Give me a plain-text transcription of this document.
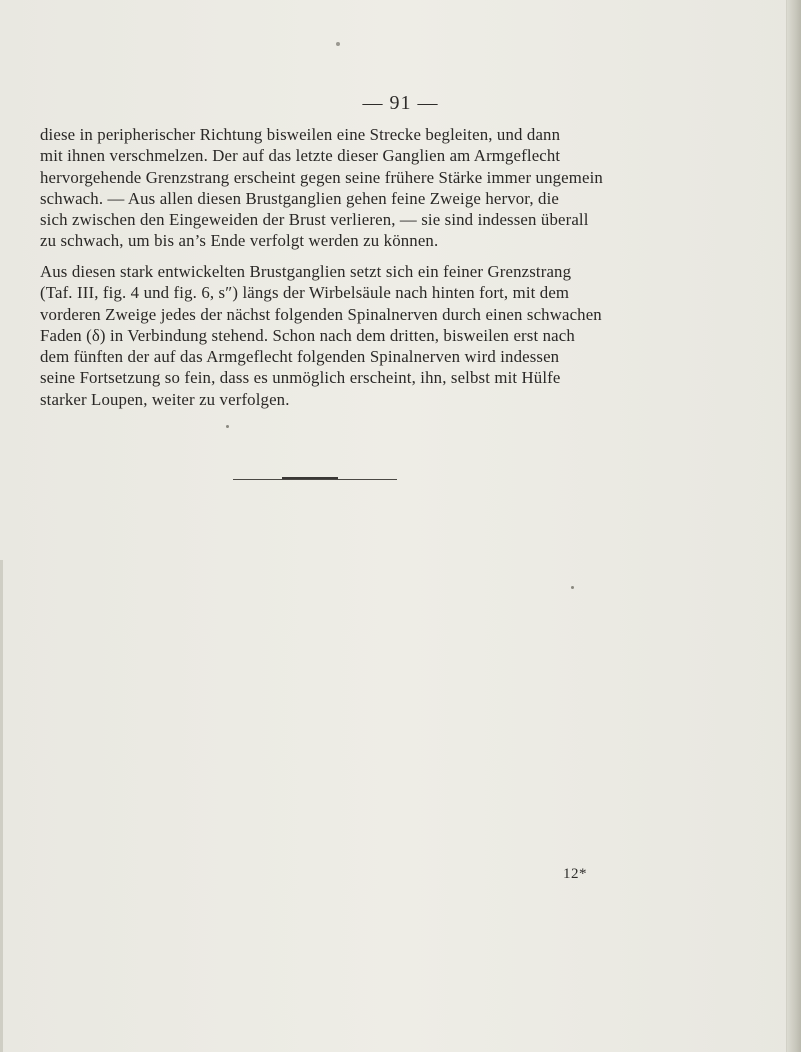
— 91 —

diese in peripherischer Richtung bisweilen eine Strecke begleiten, und dann
mit ihnen verschmelzen. Der auf das letzte dieser Ganglien am Armgeflecht
hervorgehende Grenzstrang erscheint gegen seine frühere Stärke immer ungemein
schwach. — Aus allen diesen Brustganglien gehen feine Zweige hervor, die
sich zwischen den Eingeweiden der Brust verlieren, — sie sind indessen überall
zu schwach, um bis an’s Ende verfolgt werden zu können.

Aus diesen stark entwickelten Brustganglien setzt sich ein feiner Grenzstrang
(Taf. III, fig. 4 und fig. 6, s″) längs der Wirbelsäule nach hinten fort, mit dem
vorderen Zweige jedes der nächst folgenden Spinalnerven durch einen schwachen
Faden (δ) in Verbindung stehend. Schon nach dem dritten, bisweilen erst nach
dem fünften der auf das Armgeflecht folgenden Spinalnerven wird indessen
seine Fortsetzung so fein, dass es unmöglich erscheint, ihn, selbst mit Hülfe
starker Loupen, weiter zu verfolgen.

12*
